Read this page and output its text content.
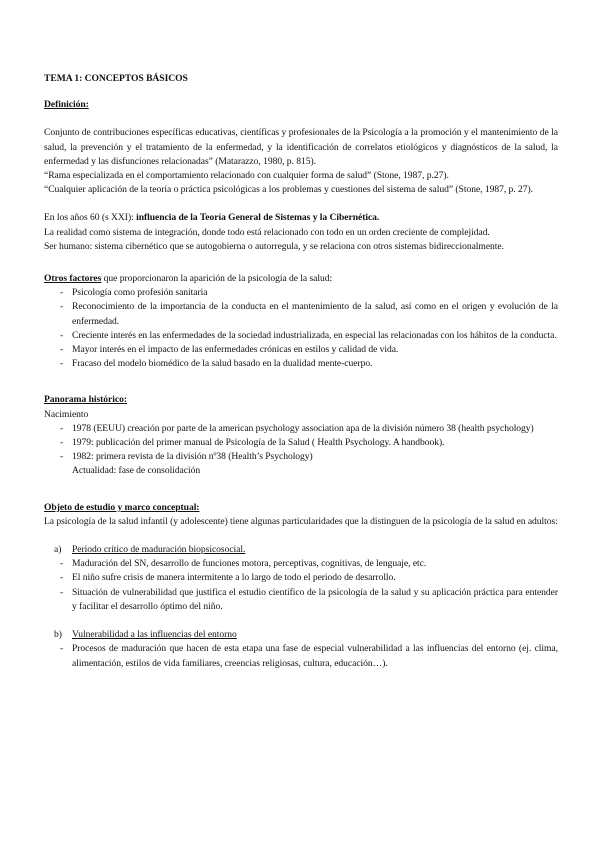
TEMA 1: CONCEPTOS BÁSICOS
Definición:

Conjunto de contribuciones específicas educativas, científicas y profesionales de la Psicología a la promoción y el mantenimiento de la salud, la prevención y el tratamiento de la enfermedad, y la identificación de correlatos etiológicos y diagnósticos de la salud, la enfermedad y las disfunciones relacionadas” (Matarazzo, 1980, p. 815).

“Rama especializada en el comportamiento relacionado con cualquier forma de salud” (Stone, 1987, p.27).

“Cualquier aplicación de la teoría o práctica psicológicas a los problemas y cuestiones del sistema de salud” (Stone, 1987, p. 27).

En los años 60 (s XXI): influencia de la Teoría General de Sistemas y la Cibernética.

La realidad como sistema de integración, donde todo está relacionado con todo en un orden creciente de complejidad.

Ser humano: sistema cibernético que se autogobierna o autorregula, y se relaciona con otros sistemas bidireccionalmente.

Otros factores que proporcionaron la aparición de la psicología de la salud:

- Psicología como profesión sanitaria
- Reconocimiento de la importancia de la conducta en el mantenimiento de la salud, así como en el origen y evolución de la enfermedad.
- Creciente interés en las enfermedades de la sociedad industrializada, en especial las relacionadas con los hábitos de la conducta.
- Mayor interés en el impacto de las enfermedades crónicas en estilos y calidad de vida.
- Fracaso del modelo biomédico de la salud basado en la dualidad mente-cuerpo.
Panorama histórico:
Nacimiento
- 1978 (EEUU) creación por parte de la american psychology association apa de la división número 38 (health psychology)
- 1979: publicación del primer manual de Psicología de la Salud ( Health Psychology. A handbook).
- 1982: primera revista de la división nº38 (Health’s Psychology)
Actualidad: fase de consolidación
Objeto de estudio y marco conceptual:

La psicología de la salud infantil (y adolescente) tiene algunas particularidades que la distinguen de la psicología de la salud en adultos:

a) Periodo crítico de maduración biopsicosocial.
- Maduración del SN, desarrollo de funciones motora, perceptivas, cognitivas, de lenguaje, etc.
- El niño sufre crisis de manera intermitente a lo largo de todo el periodo de desarrollo.
- Situación de vulnerabilidad que justifica el estudio científico de la psicología de la salud y su aplicación práctica para entender y facilitar el desarrollo óptimo del niño.
b) Vulnerabilidad a las influencias del entorno
- Procesos de maduración que hacen de esta etapa una fase de especial vulnerabilidad a las influencias del entorno (ej. clima, alimentación, estilos de vida familiares, creencias religiosas, cultura, educación…).
